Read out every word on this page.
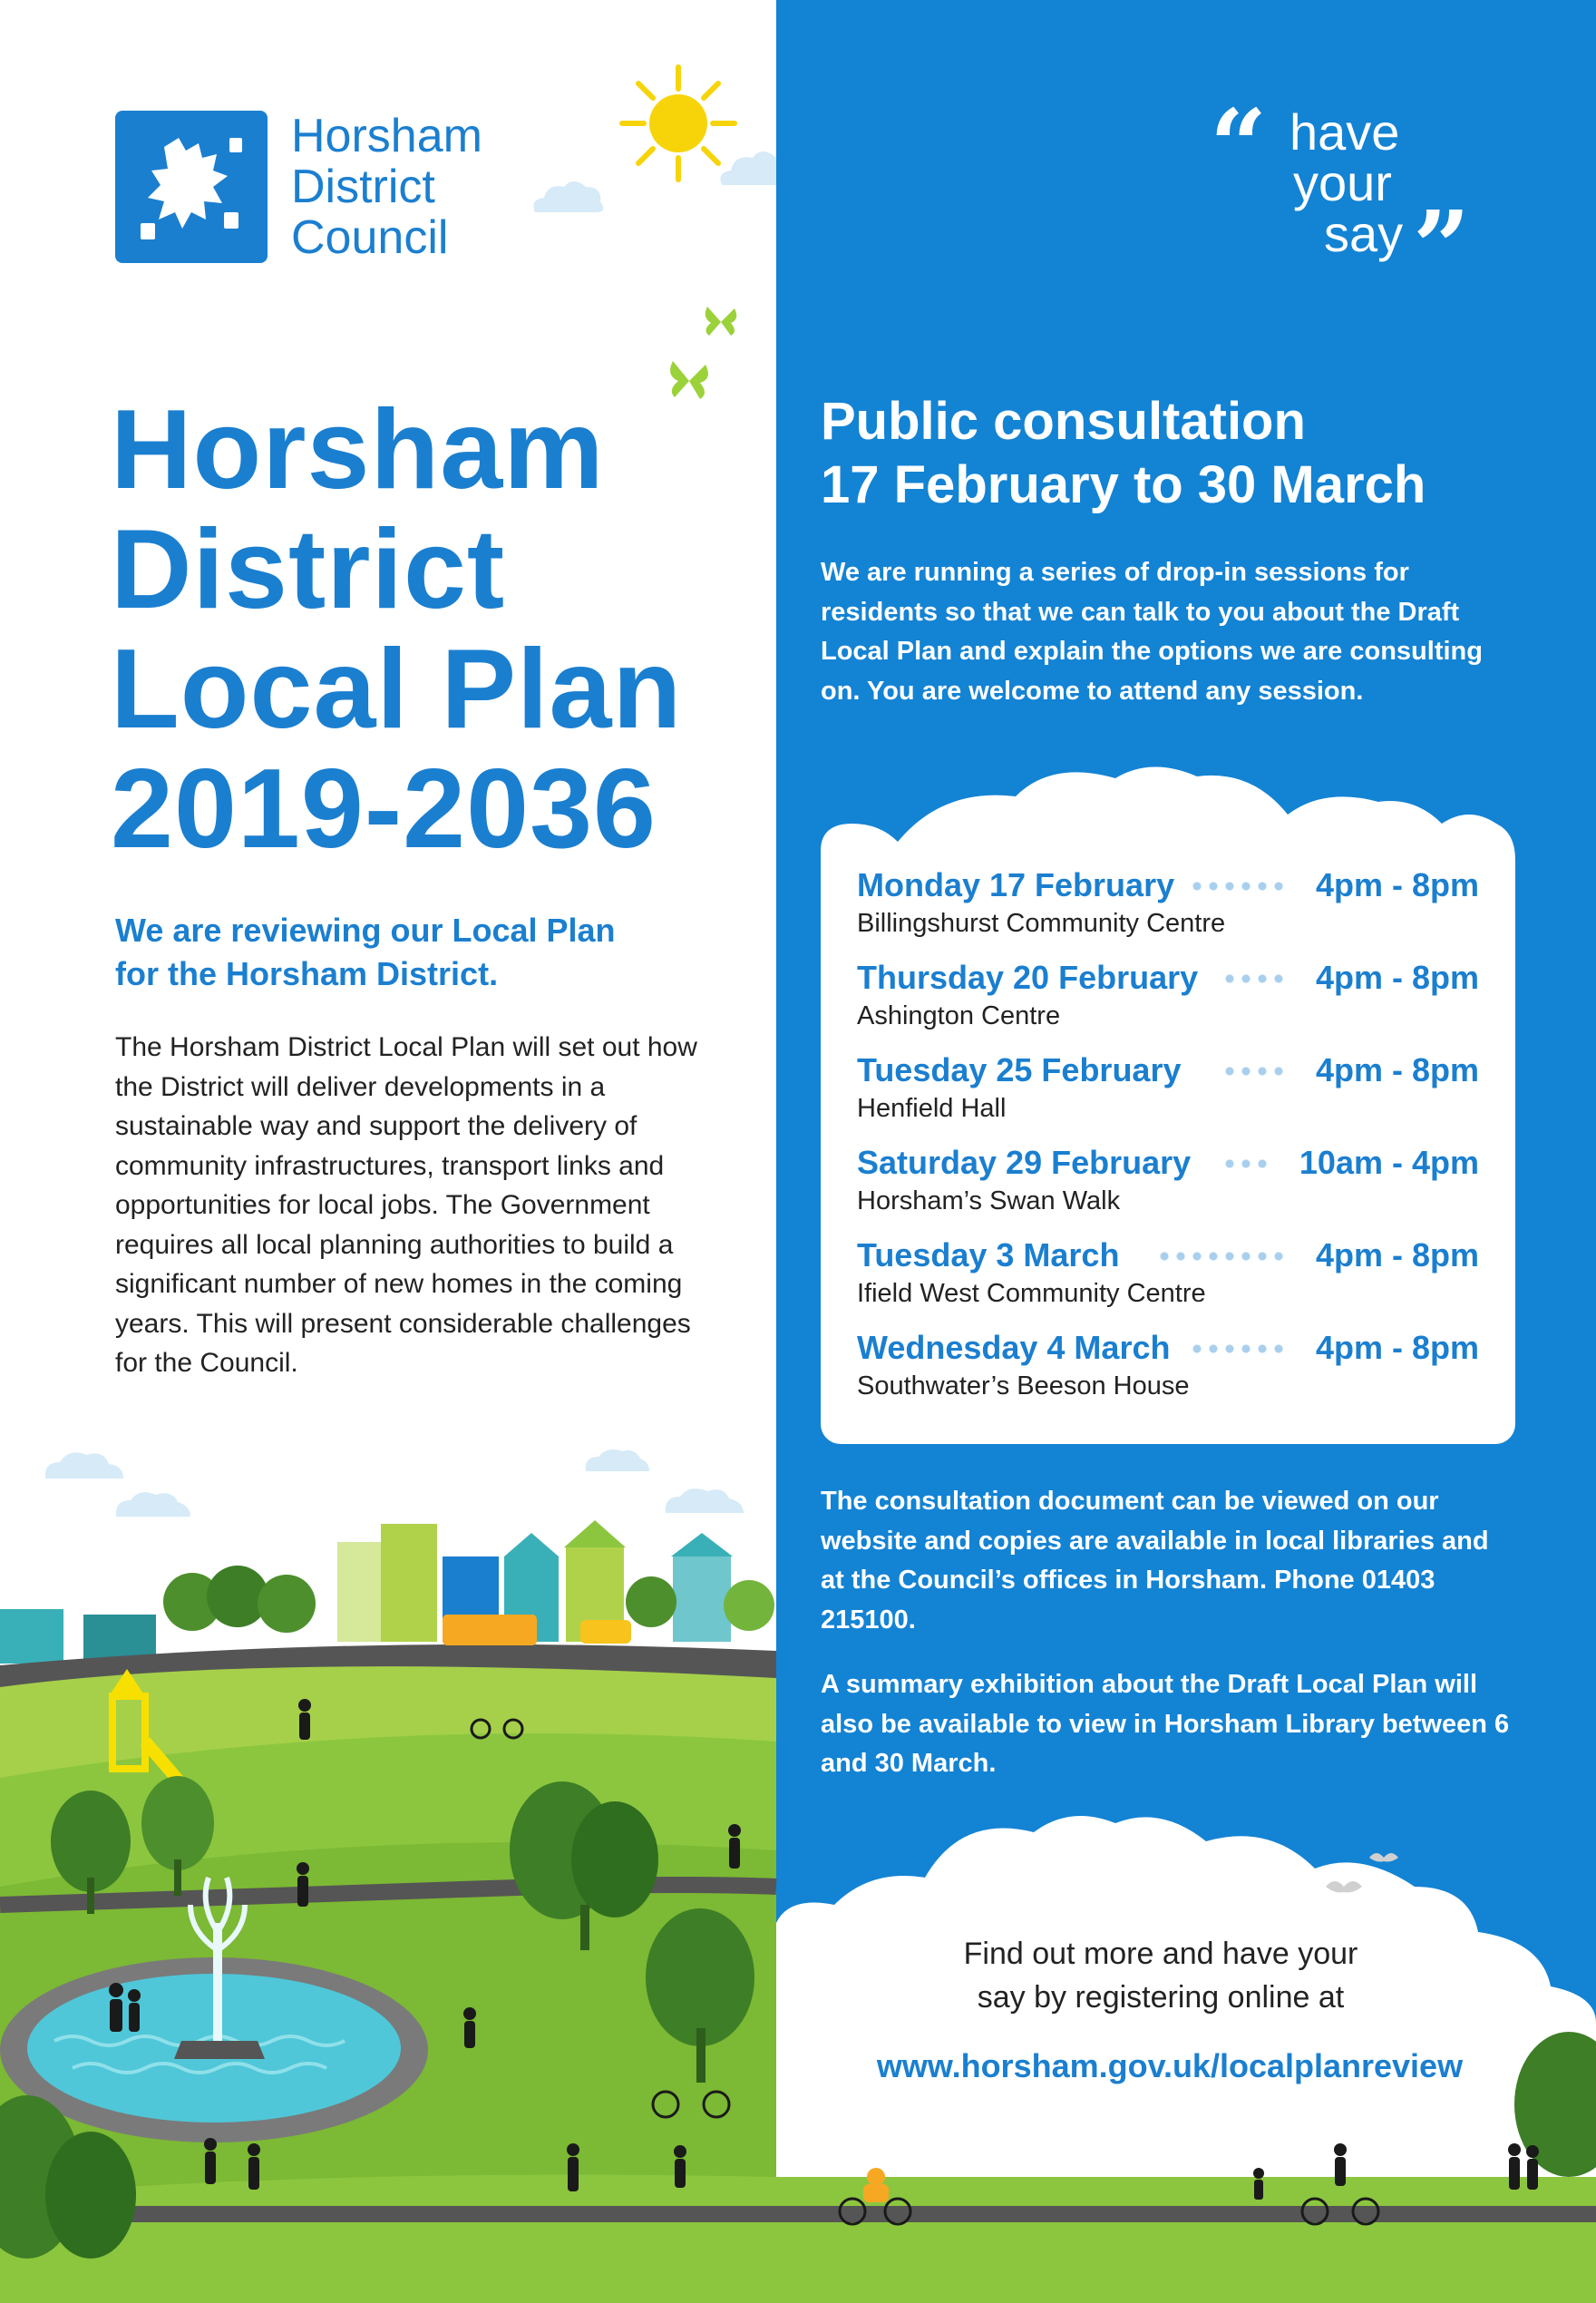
Horsham
District
Council
Horsham
District
Local Plan
2019-2036
We are reviewing our Local Plan
for the Horsham District.

The Horsham District Local Plan will set out how the District will deliver developments in a sustainable way and support the delivery of community infrastructures, transport links and opportunities for local jobs. The Government requires all local planning authorities to build a significant number of new homes in the coming years. This will present considerable challenges for the Council.

“ have
your
say ”
Public consultation
17 February to 30 March

We are running a series of drop-in sessions for residents so that we can talk to you about the Draft Local Plan and explain the options we are consulting on. You are welcome to attend any session.

Monday 17 February	4pm - 8pm
Billingshurst Community Centre
Thursday 20 February	4pm - 8pm
Ashington Centre
Tuesday 25 February	4pm - 8pm
Henfield Hall
Saturday 29 February	10am - 4pm
Horsham’s Swan Walk
Tuesday 3 March	4pm - 8pm
Ifield West Community Centre
Wednesday 4 March	4pm - 8pm
Southwater’s Beeson House

The consultation document can be viewed on our website and copies are available in local libraries and at the Council’s offices in Horsham. Phone 01403 215100.

A summary exhibition about the Draft Local Plan will also be available to view in Horsham Library between 6 and 30 March.

Find out more and have your
say by registering online at

www.horsham.gov.uk/localplanreview
